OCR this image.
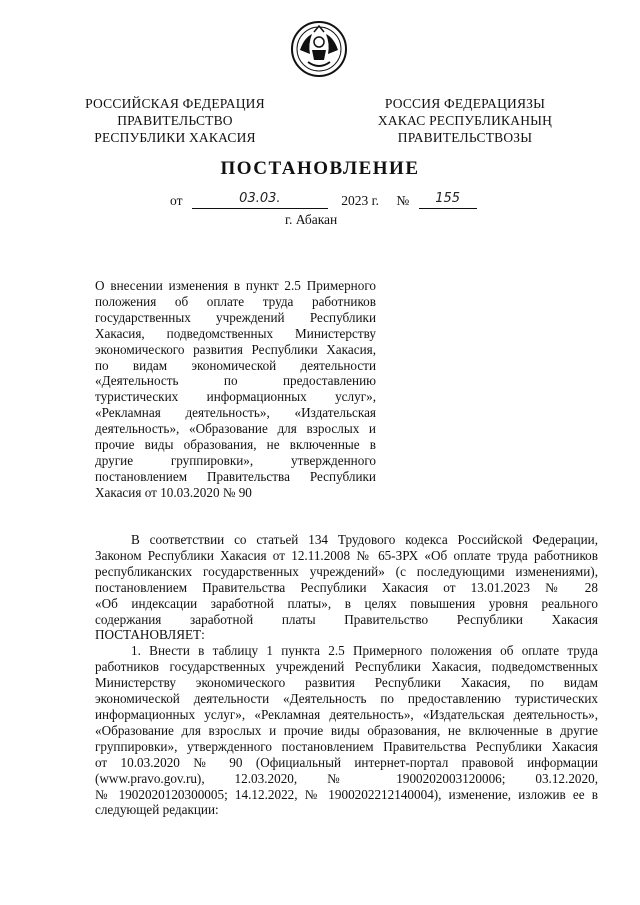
РОССИЙСКАЯ ФЕДЕРАЦИЯ
ПРАВИТЕЛЬСТВО
РЕСПУБЛИКИ ХАКАСИЯ
РОССИЯ ФЕДЕРАЦИЯЗЫ
ХАКАС РЕСПУБЛИКАНЫҢ
ПРАВИТЕЛЬСТВОЗЫ
ПОСТАНОВЛЕНИЕ
от	03.03.	2023 г. № 155
г. Абакан
О внесении изменения в пункт 2.5 Примерного
положения об оплате труда работников
государственных учреждений Республики
Хакасия, подведомственных Министерству
экономического развития Республики Хакасия,
по видам экономической деятельности
«Деятельность по предоставлению
туристических информационных услуг»,
«Рекламная деятельность», «Издательская
деятельность», «Образование для взрослых и
прочие виды образования, не включенные в
другие группировки», утвержденного
постановлением Правительства Республики
Хакасия от 10.03.2020 № 90
В соответствии со статьей 134 Трудового кодекса Российской Федерации,
Законом Республики Хакасия от 12.11.2008 № 65-ЗРХ «Об оплате труда работников
республиканских государственных учреждений» (с последующими изменениями),
постановлением Правительства Республики Хакасия от 13.01.2023 № 28
«Об индексации заработной платы», в целях повышения уровня реального
содержания заработной платы Правительство Республики Хакасия
ПОСТАНОВЛЯЕТ:
1. Внести в таблицу 1 пункта 2.5 Примерного положения об оплате труда
работников государственных учреждений Республики Хакасия, подведомственных
Министерству экономического развития Республики Хакасия, по видам
экономической деятельности «Деятельность по предоставлению туристических
информационных услуг», «Рекламная деятельность», «Издательская деятельность»,
«Образование для взрослых и прочие виды образования, не включенные в другие
группировки», утвержденного постановлением Правительства Республики Хакасия
от 10.03.2020 № 90 (Официальный интернет-портал правовой информации
(www.pravo.gov.ru), 12.03.2020, № 1900202003120006; 03.12.2020,
№ 1902020120300005; 14.12.2022, № 1900202212140004), изменение, изложив ее в
следующей редакции:
